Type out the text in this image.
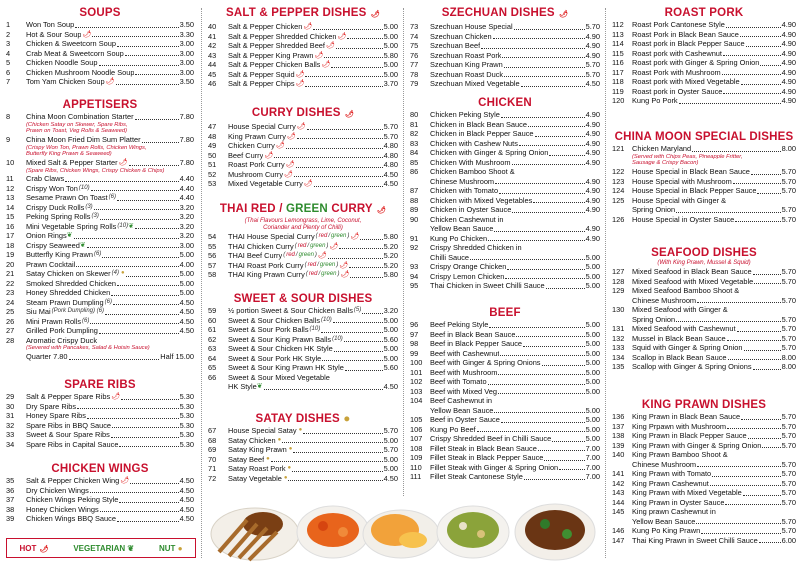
SOUPS
1	Won Ton Soup	3.50
2	Hot & Sour Soup 🌶	3.30
3	Chicken & Sweetcorn Soup	3.00
4	Crab Meat & Sweetcorn Soup	3.00
5	Chicken Noodle Soup	3.00
6	Chicken Mushroom Noodle Soup	3.00
7	Tom Yam Chicken Soup 🌶	3.50
APPETISERS
8	China Moon Combination Starter	7.80
(Chicken Satay on Skewer, Spare Ribs,
Prawn on Toast, Veg Rolls & Seaweed)
9	China Moon Fried Dim Sum Platter	7.80
(Crispy Won Ton, Prawn Rolls, Chicken Wings,
Butterfly King Prawn & Seaweed)
10	Mixed Salt & Pepper Starter 🌶	7.80
(Spare Ribs, Chicken Wings, Crispy Chicken & Chips)
11	Crab Claws	4.40
12	Crispy Won Ton (10)	4.40
13	Sesame Prawn On Toast (6)	4.40
14	Crispy Duck Rolls (3)	3.20
15	Peking Spring Rolls (3)	3.20
16	Mini Vegetable Spring Rolls (10) ❦	3.20
17	Onion Rings ❦	3.20
18	Crispy Seaweed ❦	3.00
19	Butterfly King Prawn (6)	5.00
20	Prawn Cocktail	4.00
21	Satay Chicken on Skewer (4) ●	5.00
22	Smoked Shredded Chicken	5.00
23	Honey Shredded Chicken	5.00
24	Steam Prawn Dumpling (6)	4.50
25	Siu Mai (Pork Dumpling) (6)	4.50
26	Mini Prawn Rolls (6)	4.50
27	Grilled Pork Dumpling	4.50
28	Aromatic Crispy Duck
(Severed with Pancakes, Salad & Hoisin Sauce)
Quarter 7.80	Half 15.00
SPARE RIBS
29	Salt & Pepper Spare Ribs 🌶	5.30
30	Dry Spare Ribs	5.30
31	Honey Spare Ribs	5.30
32	Spare Ribs in BBQ Sauce	5.30
33	Sweet & Sour Spare Ribs	5.30
34	Spare Ribs in Capital Sauce	5.30
CHICKEN WINGS
35	Salt & Pepper Chicken Wing 🌶	4.50
36	Dry Chicken Wings	4.50
37	Chicken Wings Peking Style	4.50
38	Honey Chicken Wings	4.50
39	Chicken Wings BBQ Sauce	4.50
HOT 🌶	VEGETARIAN ❦	NUT ●
SALT & PEPPER DISHES 🌶
40	Salt & Pepper Chicken 🌶	5.00
41	Salt & Pepper Shredded Chicken 🌶	5.00
42	Salt & Pepper Shredded Beef 🌶	5.00
43	Salt & Pepper King Prawn 🌶	5.80
44	Salt & Pepper Chicken Balls 🌶	5.00
45	Salt & Pepper Squid 🌶	5.00
46	Salt & Pepper Chips 🌶	3.70
CURRY DISHES 🌶
47	House Special Curry 🌶	5.70
48	King Prawn Curry 🌶	5.70
49	Chicken Curry 🌶	4.80
50	Beef Curry 🌶	4.80
51	Roast Pork Curry 🌶	4.80
52	Mushroom Curry 🌶	4.50
53	Mixed Vegetable Curry 🌶	4.50
THAI RED / GREEN CURRY 🌶
(Thai Flavours Lemongrass, Lime, Coconut,
Coriander and Plenty of Chilli)
54	THAI House Special Curry ( red / green ) 🌶	5.80
55	THAI Chicken Curry ( red / green ) 🌶	5.20
56	THAI Beef Curry ( red / green ) 🌶	5.20
57	THAI Roast Pork Curry ( red / green ) 🌶	5.20
58	THAI King Prawn Curry ( red / green ) 🌶	5.80
SWEET & SOUR DISHES
59	½ portion Sweet & Sour Chicken Balls (5)	3.20
60	Sweet & Sour Chicken Balls (10)	5.00
61	Sweet & Sour Pork Balls (10)	5.00
62	Sweet & Sour King Prawn Balls (10)	5.60
63	Sweet & Sour Chicken HK Style	5.00
64	Sweet & Sour Pork HK Style	5.00
65	Sweet & Sour King Prawn HK Style	5.60
66	Sweet & Sour Mixed Vegetable
HK Style ❦	4.50
SATAY DISHES ●
67	House Special Satay ●	5.70
68	Satay Chicken ●	5.00
69	Satay King Prawn ●	5.70
70	Satay Beef ●	5.00
71	Satay Roast Pork ●	5.00
72	Satay Vegetable ●	4.50
SZECHUAN DISHES 🌶
73	Szechuan House Special	5.70
74	Szechuan Chicken	4.90
75	Szechuan Beef	4.90
76	Szechuan Roast Pork	4.90
77	Szechuan King Prawn	5.70
78	Szechuan Roast Duck	5.70
79	Szechuan Mixed Vegetable	4.50
CHICKEN
80	Chicken Peking Style	4.90
81	Chicken in Black Bean Sauce	4.90
82	Chicken in Black Pepper Sauce	4.90
83	Chicken with Cashew Nuts	4.90
84	Chicken with Ginger & Spring Onion	4.90
85	Chicken With Mushroom	4.90
86	Chicken Bamboo Shoot &
Chinese Mushroom	4.90
87	Chicken with Tomato	4.90
88	Chicken with Mixed Vegetables	4.90
89	Chicken in Oyster Sauce	4.90
90	Chicken Cashewnut in
Yellow Bean Sauce	4.90
91	Kung Po Chicken	4.90
92	Crispy Shredded Chicken in
Chilli Sauce	5.00
93	Crispy Orange Chicken	5.00
94	Crispy Lemon Chicken	5.00
95	Thai Chicken in Sweet Chilli Sauce	5.00
BEEF
96	Beef Peking Style	5.00
97	Beef in Black Bean Sauce	5.00
98	Beef in Black Pepper Sauce	5.00
99	Beef with Cashewnut	5.00
100	Beef with Ginger & Spring Onions	5.00
101	Beef with Mushroom	5.00
102	Beef with Tomato	5.00
103	Beef with Mixed Veg	5.00
104	Beef Cashewnut in
Yellow Bean Sauce	5.00
105	Beef in Oyster Sauce	5.00
106	Kung Po Beef	5.00
107	Crispy Shredded Beef in Chilli Sauce	5.00
108	Fillet Steak in Black Bean Sauce	7.00
109	Fillet Steak in Black Pepper Sauce	7.00
110	Fillet Steak with Ginger & Spring Onion	7.00
111	Fillet Steak Cantonese Style	7.00
ROAST PORK
112	Roast Pork Cantonese Style	4.90
113	Roast Pork in Black Bean Sauce	4.90
114	Roast pork in Black Pepper Sauce	4.90
115	Roast pork with Cashewnut	4.90
116	Roast pork with Ginger & Spring Onion	4.90
117	Roast Pork with Mushroom	4.90
118	Roast pork with Mixed Vegetable	4.90
119	Roast pork in Oyster Sauce	4.90
120	Kung Po Pork	4.90
CHINA MOON SPECIAL DISHES
121	Chicken Maryland	8.00
(Served with Chips Peas, Pineapple Fritter,
Sausage & Crispy Bacon)
122	House Special in Black Bean Sauce	5.70
123	House Special with Mushroom	5.70
124	House Special in Black Pepper Sauce	5.70
125	House Special with Ginger &
Spring Onion	5.70
126	House Special in Oyster Sauce	5.70
SEAFOOD DISHES
(With King Prawn, Mussel & Squid)
127	Mixed Seafood in Black Bean Sauce	5.70
128	Mixed Seafood with Mixed Vegetable	5.70
129	Mixed Seafood Bamboo Shoot &
Chinese Mushroom	5.70
130	Mixed Seafood with Ginger &
Spring Onion	5.70
131	Mixed Seafood with Cashewnut	5.70
132	Mussel in Black Bean Sauce	5.70
133	Squid with Ginger & Spring Onion	5.70
134	Scallop in Black Bean Sauce	8.00
135	Scallop with Ginger & Spring Onions	8.00
KING PRAWN DISHES
136	King Prawn in Black Bean Sauce	5.70
137	King Prpawn with Mushroom	5.70
138	King Prawn in Black Pepper Sauce	5.70
139	King Prawn with Ginger & Spring Onion	5.70
140	King Prawn Bamboo Shoot &
Chinese Mushroom	5.70
141	King Prawn with Tomato	5.70
142	King Prawn Cashewnut	5.70
143	King Prawn with Mixed Vegetable	5.70
144	King Prawn in Oyster Sauce	5.70
145	King prawn Cashewnut in
Yellow Bean Sauce	5.70
146	Kung Po King Prawn	5.70
147	Thai King Prawn in Sweet Chilli Sauce	6.00
